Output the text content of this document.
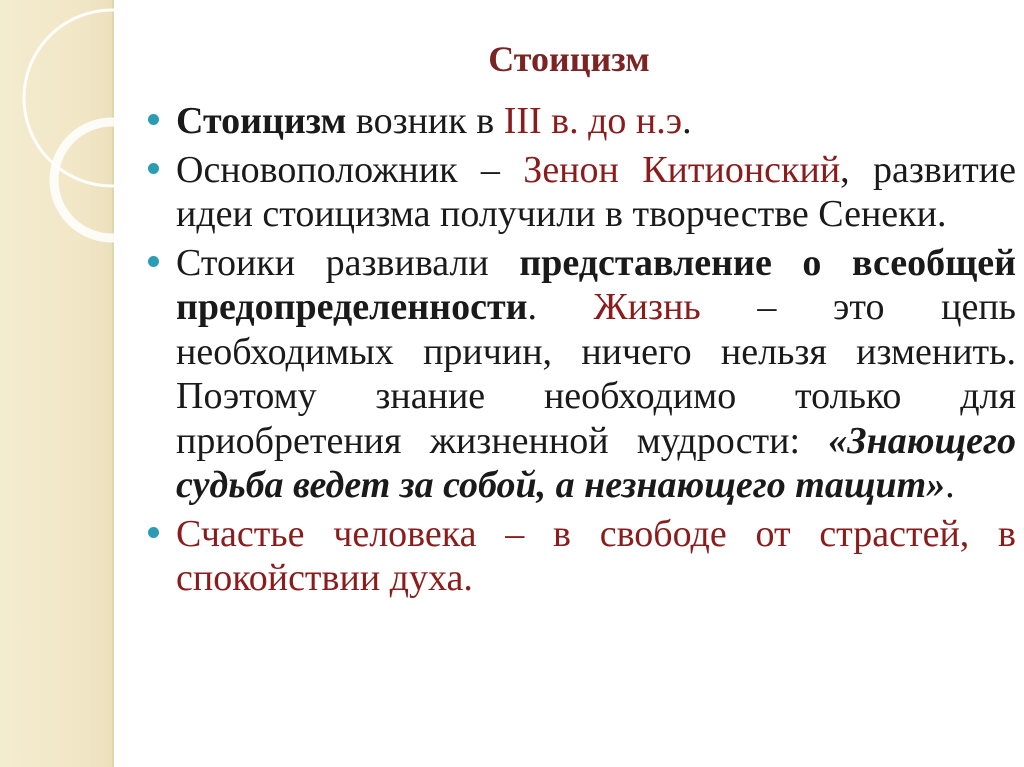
Стоицизм
Стоицизм возник в III в. до н.э.
Основоположник – Зенон Китионский, развитие идеи стоицизма получили в творчестве Сенеки.
Стоики развивали представление о всеобщей предопределенности. Жизнь – это цепь необходимых причин, ничего нельзя изменить. Поэтому знание необходимо только для приобретения жизненной мудрости: «Знающего судьба ведет за собой, а незнающего тащит».
Счастье человека – в свободе от страстей, в спокойствии духа.
